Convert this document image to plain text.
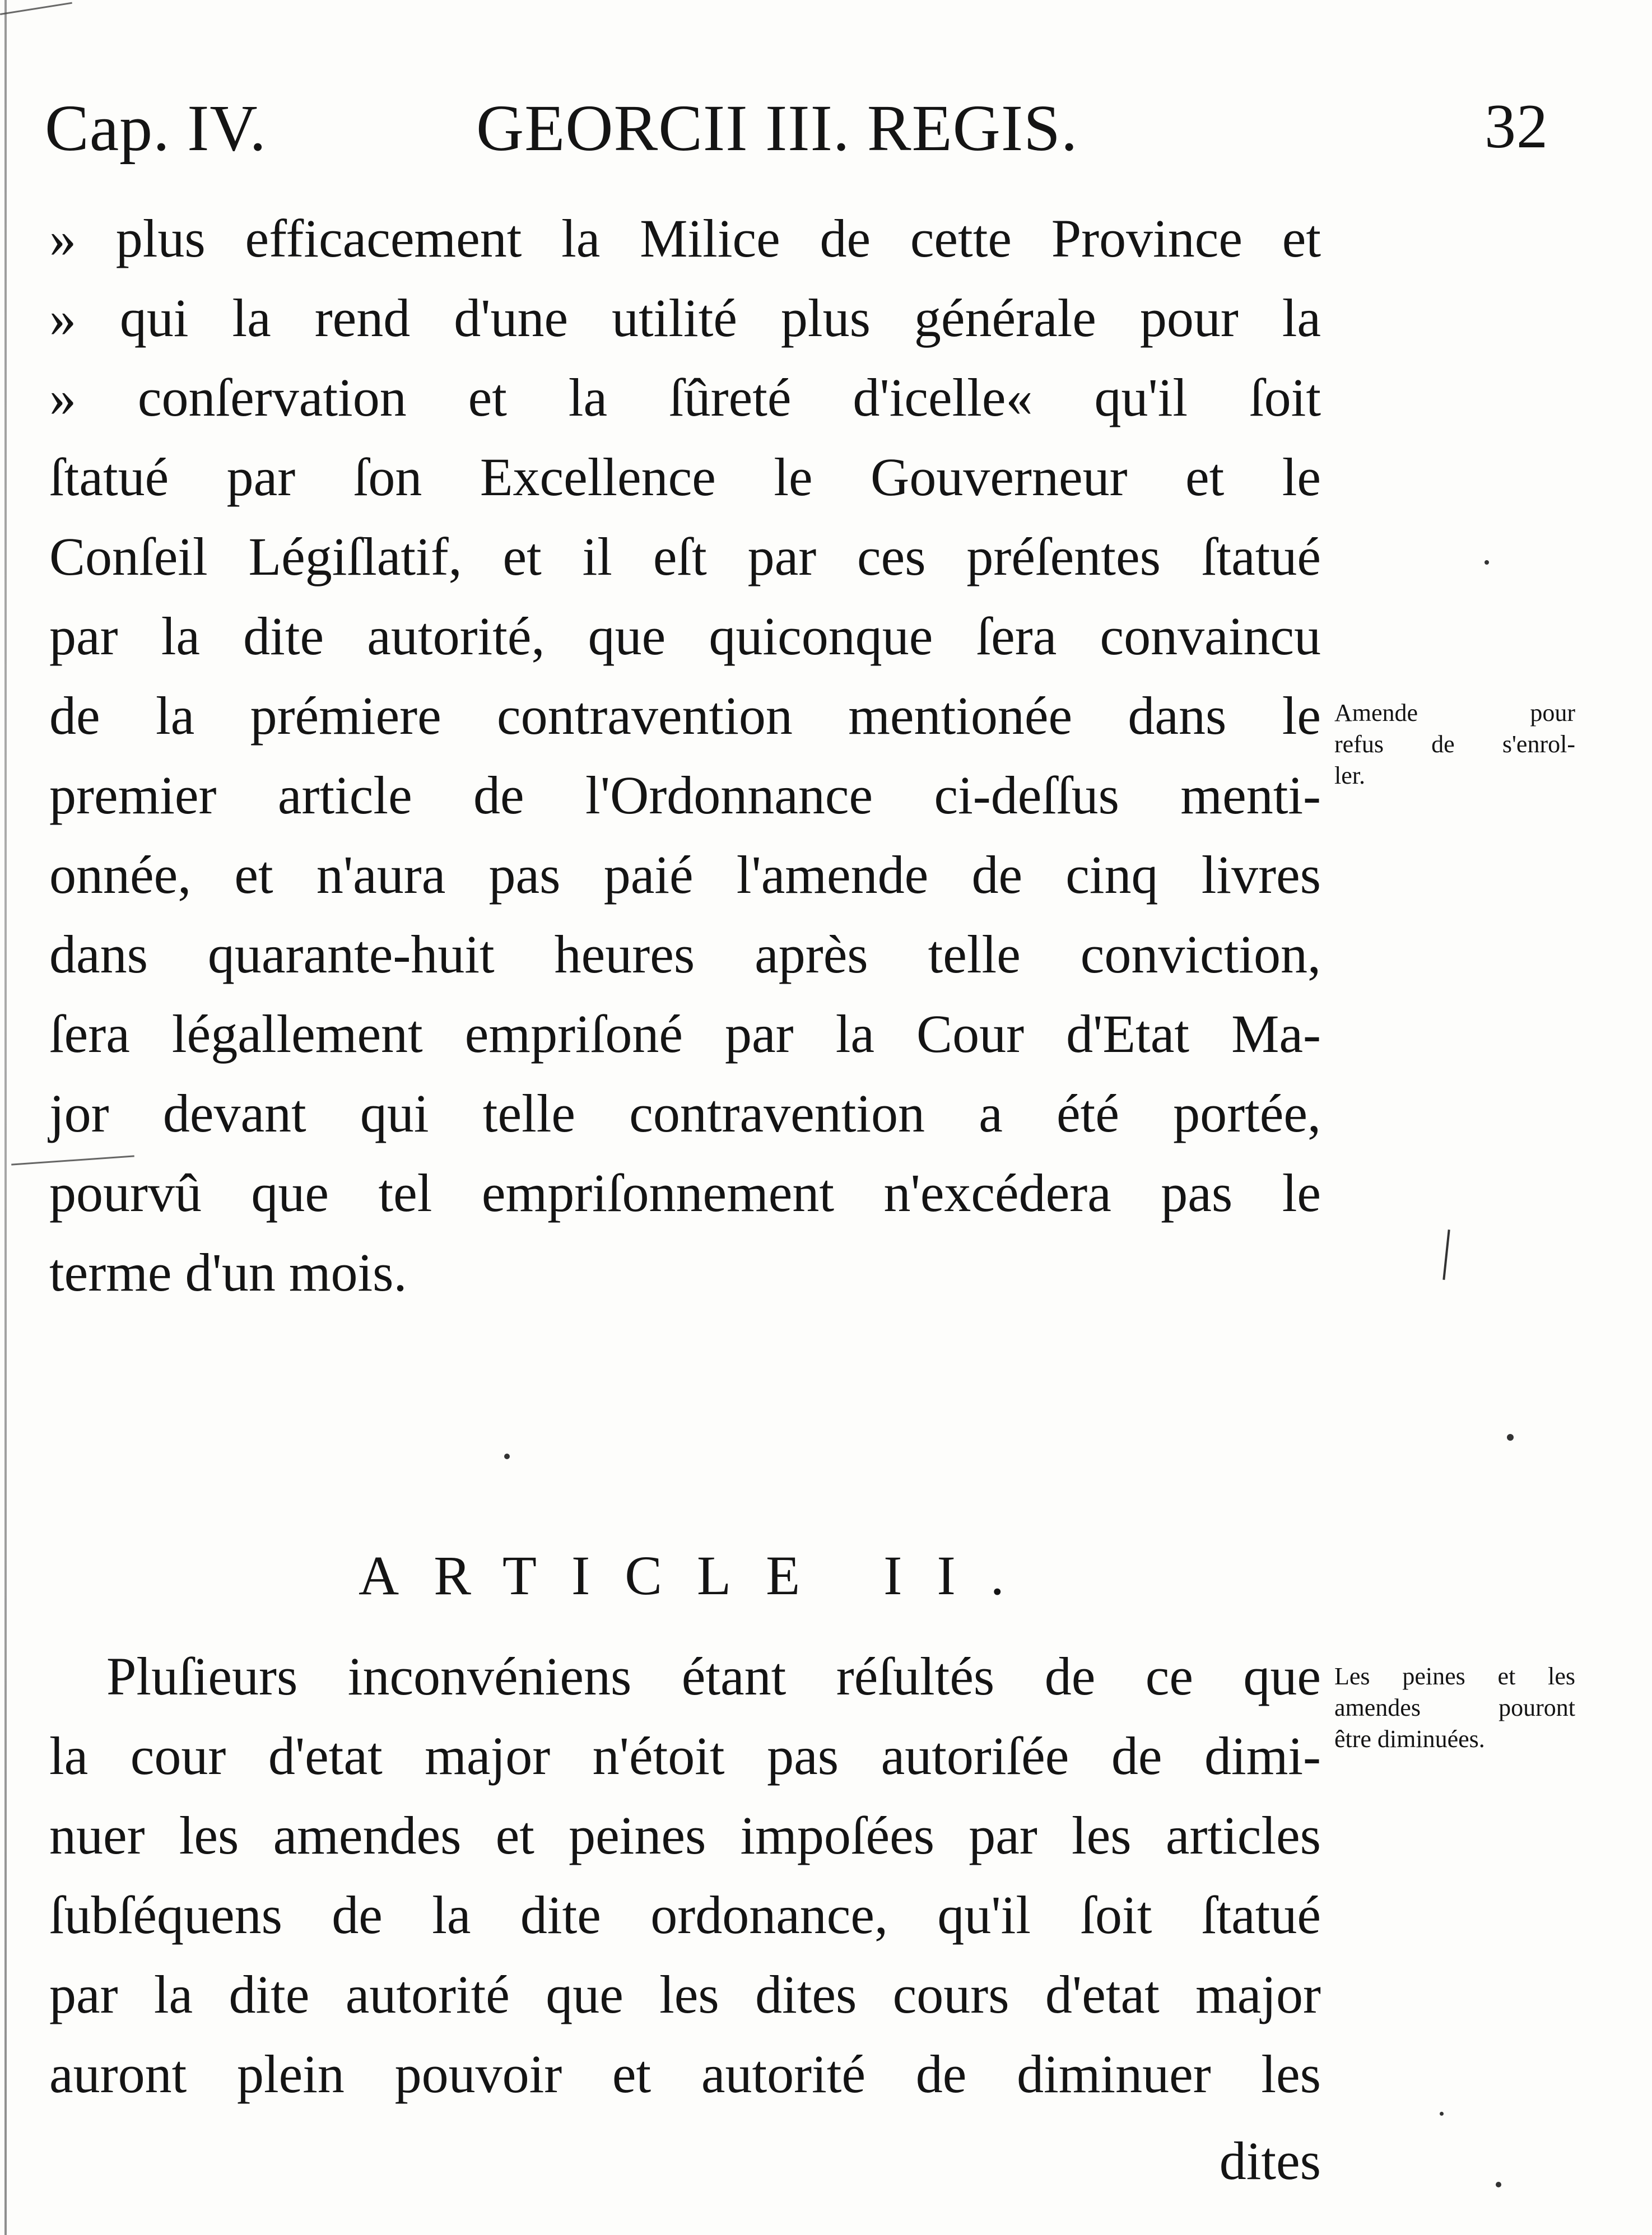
Cap. IV.	GEORCII III. REGIS.	32
» plus efficacement la Milice de cette Province et
» qui la rend d'une utilité plus générale pour la
» conſervation et la ſûreté d'icelle« qu'il ſoit
ſtatué par ſon Excellence le Gouverneur et le
Conſeil Légiſlatif, et il eſt par ces préſentes ſtatué
par la dite autorité, que quiconque ſera convaincu
de la prémiere contravention mentionée dans le
premier article de l'Ordonnance ci-deſſus menti-
onnée, et n'aura pas paié l'amende de cinq livres
dans quarante-huit heures après telle conviction,
ſera légallement empriſoné par la Cour d'Etat Ma-
jor devant qui telle contravention a été portée,
pourvû que tel empriſonnement n'excédera pas le
terme d'un mois.
Amende pour
refus de s'enrol-
ler.
ARTICLE II.
Pluſieurs inconvéniens étant réſultés de ce que
la cour d'etat major n'étoit pas autoriſée de dimi-
nuer les amendes et peines impoſées par les articles
ſubſéquens de la dite ordonance, qu'il ſoit ſtatué
par la dite autorité que les dites cours d'etat major
auront plein pouvoir et autorité de diminuer les
dites
Les peines et les
amendes pouront
être diminuées.
